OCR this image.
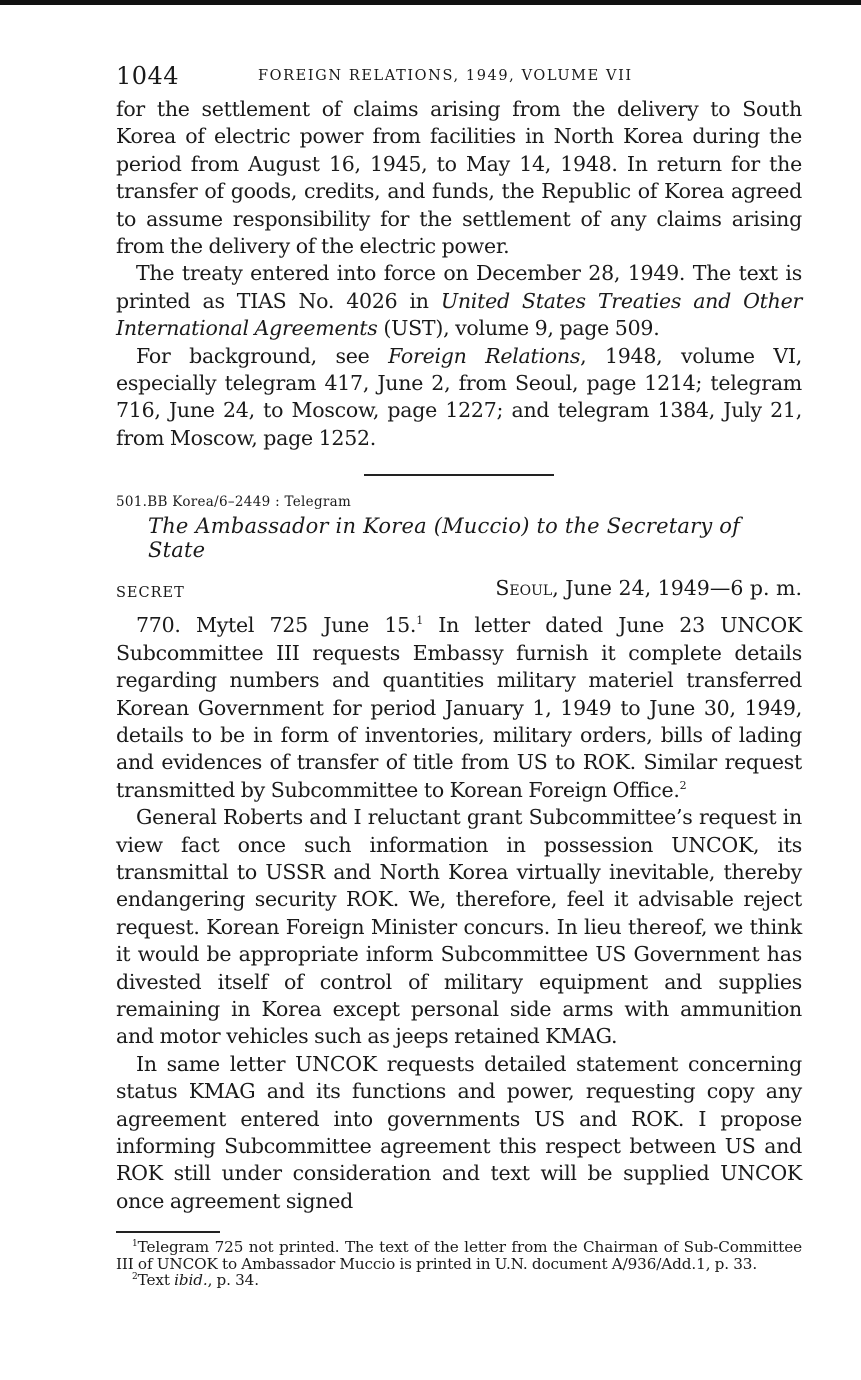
1044	FOREIGN RELATIONS, 1949, VOLUME VII

for the settlement of claims arising from the delivery to South Korea of electric power from facilities in North Korea during the period from August 16, 1945, to May 14, 1948. In return for the transfer of goods, credits, and funds, the Republic of Korea agreed to assume responsibility for the settlement of any claims arising from the delivery of the electric power.

The treaty entered into force on December 28, 1949. The text is printed as TIAS No. 4026 in United States Treaties and Other International Agreements (UST), volume 9, page 509.

For background, see Foreign Relations, 1948, volume VI, especially telegram 417, June 2, from Seoul, page 1214; telegram 716, June 24, to Moscow, page 1227; and telegram 1384, July 21, from Moscow, page 1252.

501.BB Korea/6–2449 : Telegram
The Ambassador in Korea (Muccio) to the Secretary of State
SECRET	Seoul, June 24, 1949—6 p. m.

770. Mytel 725 June 15.$^1$ In letter dated June 23 UNCOK Subcommittee III requests Embassy furnish it complete details regarding numbers and quantities military materiel transferred Korean Government for period January 1, 1949 to June 30, 1949, details to be in form of inventories, military orders, bills of lading and evidences of transfer of title from US to ROK. Similar request transmitted by Subcommittee to Korean Foreign Office.$^2$

General Roberts and I reluctant grant Subcommittee’s request in view fact once such information in possession UNCOK, its transmittal to USSR and North Korea virtually inevitable, thereby endangering security ROK. We, therefore, feel it advisable reject request. Korean Foreign Minister concurs. In lieu thereof, we think it would be appropriate inform Subcommittee US Government has divested itself of control of military equipment and supplies remaining in Korea except personal side arms with ammunition and motor vehicles such as jeeps retained KMAG.

In same letter UNCOK requests detailed statement concerning status KMAG and its functions and power, requesting copy any agreement entered into governments US and ROK. I propose informing Subcommittee agreement this respect between US and ROK still under consideration and text will be supplied UNCOK once agreement signed

$^1$Telegram 725 not printed. The text of the letter from the Chairman of Sub-Committee III of UNCOK to Ambassador Muccio is printed in U.N. document A/936/Add.1, p. 33.

$^2$Text ibid., p. 34.
